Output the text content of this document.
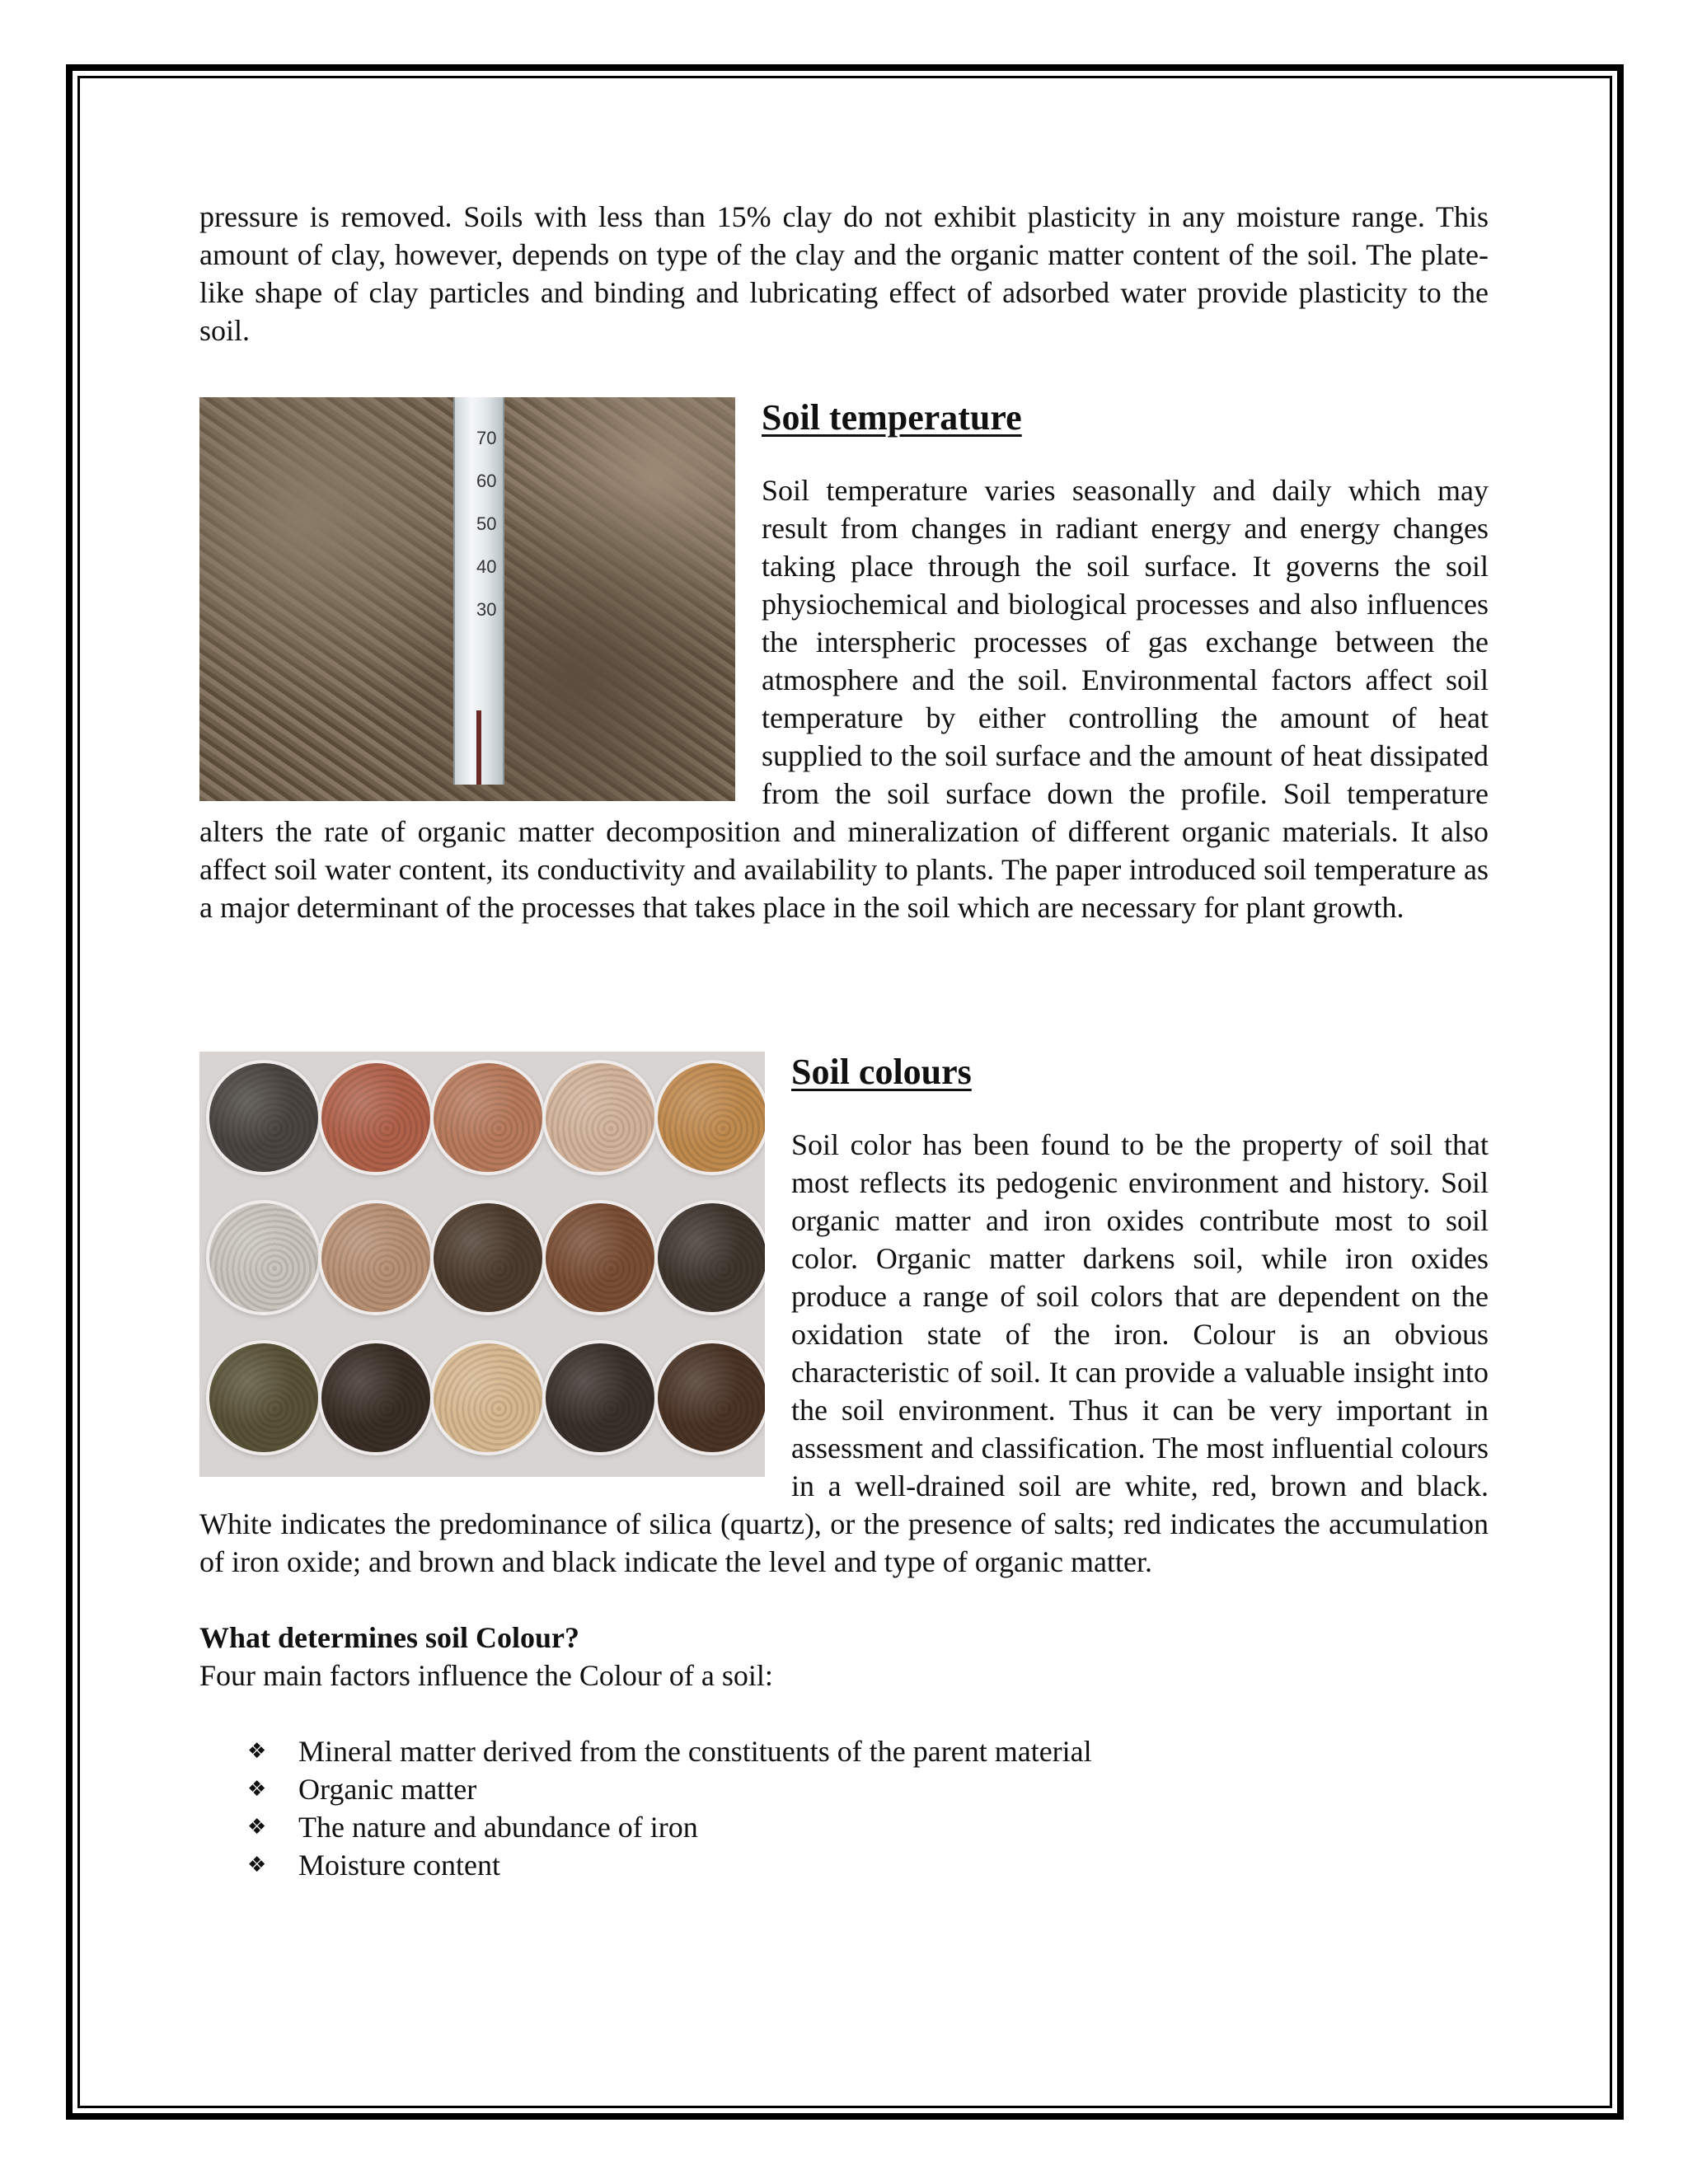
pressure is removed. Soils with less than 15% clay do not exhibit plasticity in any moisture range. This amount of clay, however, depends on type of the clay and the organic matter content of the soil. The plate-like shape of clay particles and binding and lubricating effect of adsorbed water provide plasticity to the soil.

70
60
50
40
30
Soil temperature

Soil temperature varies seasonally and daily which may result from changes in radiant energy and energy changes taking place through the soil surface. It governs the soil physiochemical and biological processes and also influences the interspheric processes of gas exchange between the atmosphere and the soil. Environmental factors affect soil temperature by either controlling the amount of heat supplied to the soil surface and the amount of heat dissipated from the soil surface down the profile. Soil temperature alters the rate of organic matter decomposition and mineralization of different organic materials. It also affect soil water content, its conductivity and availability to plants. The paper introduced soil temperature as a major determinant of the processes that takes place in the soil which are necessary for plant growth.

Soil colours

Soil color has been found to be the property of soil that most reflects its pedogenic environment and history. Soil organic matter and iron oxides contribute most to soil color. Organic matter darkens soil, while iron oxides produce a range of soil colors that are dependent on the oxidation state of the iron. Colour is an obvious characteristic of soil. It can provide a valuable insight into the soil environment. Thus it can be very important in assessment and classification. The most influential colours in a well-drained soil are white, red, brown and black. White indicates the predominance of silica (quartz), or the presence of salts; red indicates the accumulation of iron oxide; and brown and black indicate the level and type of organic matter.

What determines soil Colour?

Four main factors influence the Colour of a soil:

❖	Mineral matter derived from the constituents of the parent material
❖	Organic matter
❖	The nature and abundance of iron
❖	Moisture content
